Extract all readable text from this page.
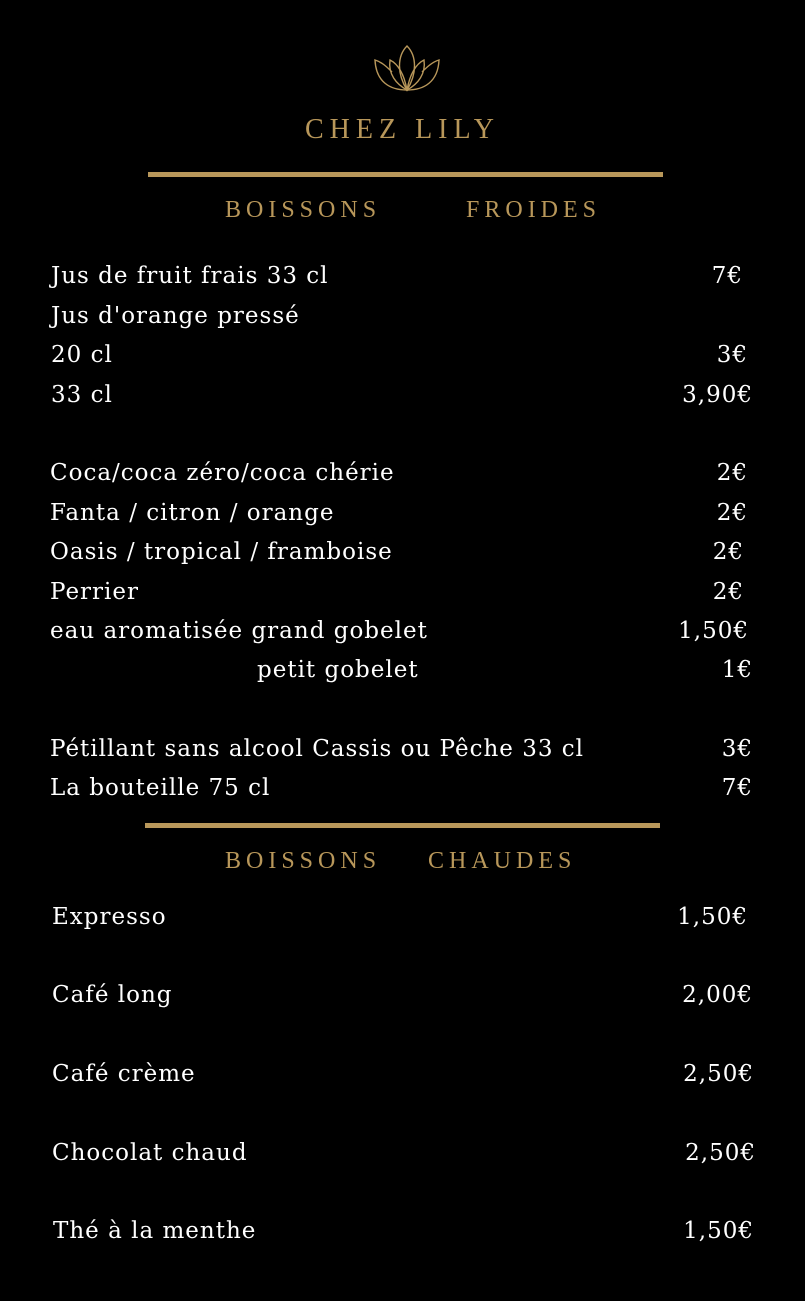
CHEZ LILY
BOISSONS	FROIDES
Jus de fruit frais 33 cl	7€
Jus d'orange pressé
20 cl	3€
33 cl	3,90€
Coca/coca zéro/coca chérie	2€
Fanta / citron / orange	2€
Oasis / tropical / framboise	2€
Perrier	2€
eau aromatisée grand gobelet	1,50€
petit gobelet	1€
Pétillant sans alcool Cassis ou Pêche 33 cl	3€
La bouteille 75 cl	7€
BOISSONS CHAUDES
Expresso	1,50€
Café long	2,00€
Café crème	2,50€
Chocolat chaud	2,50€
Thé à la menthe	1,50€
